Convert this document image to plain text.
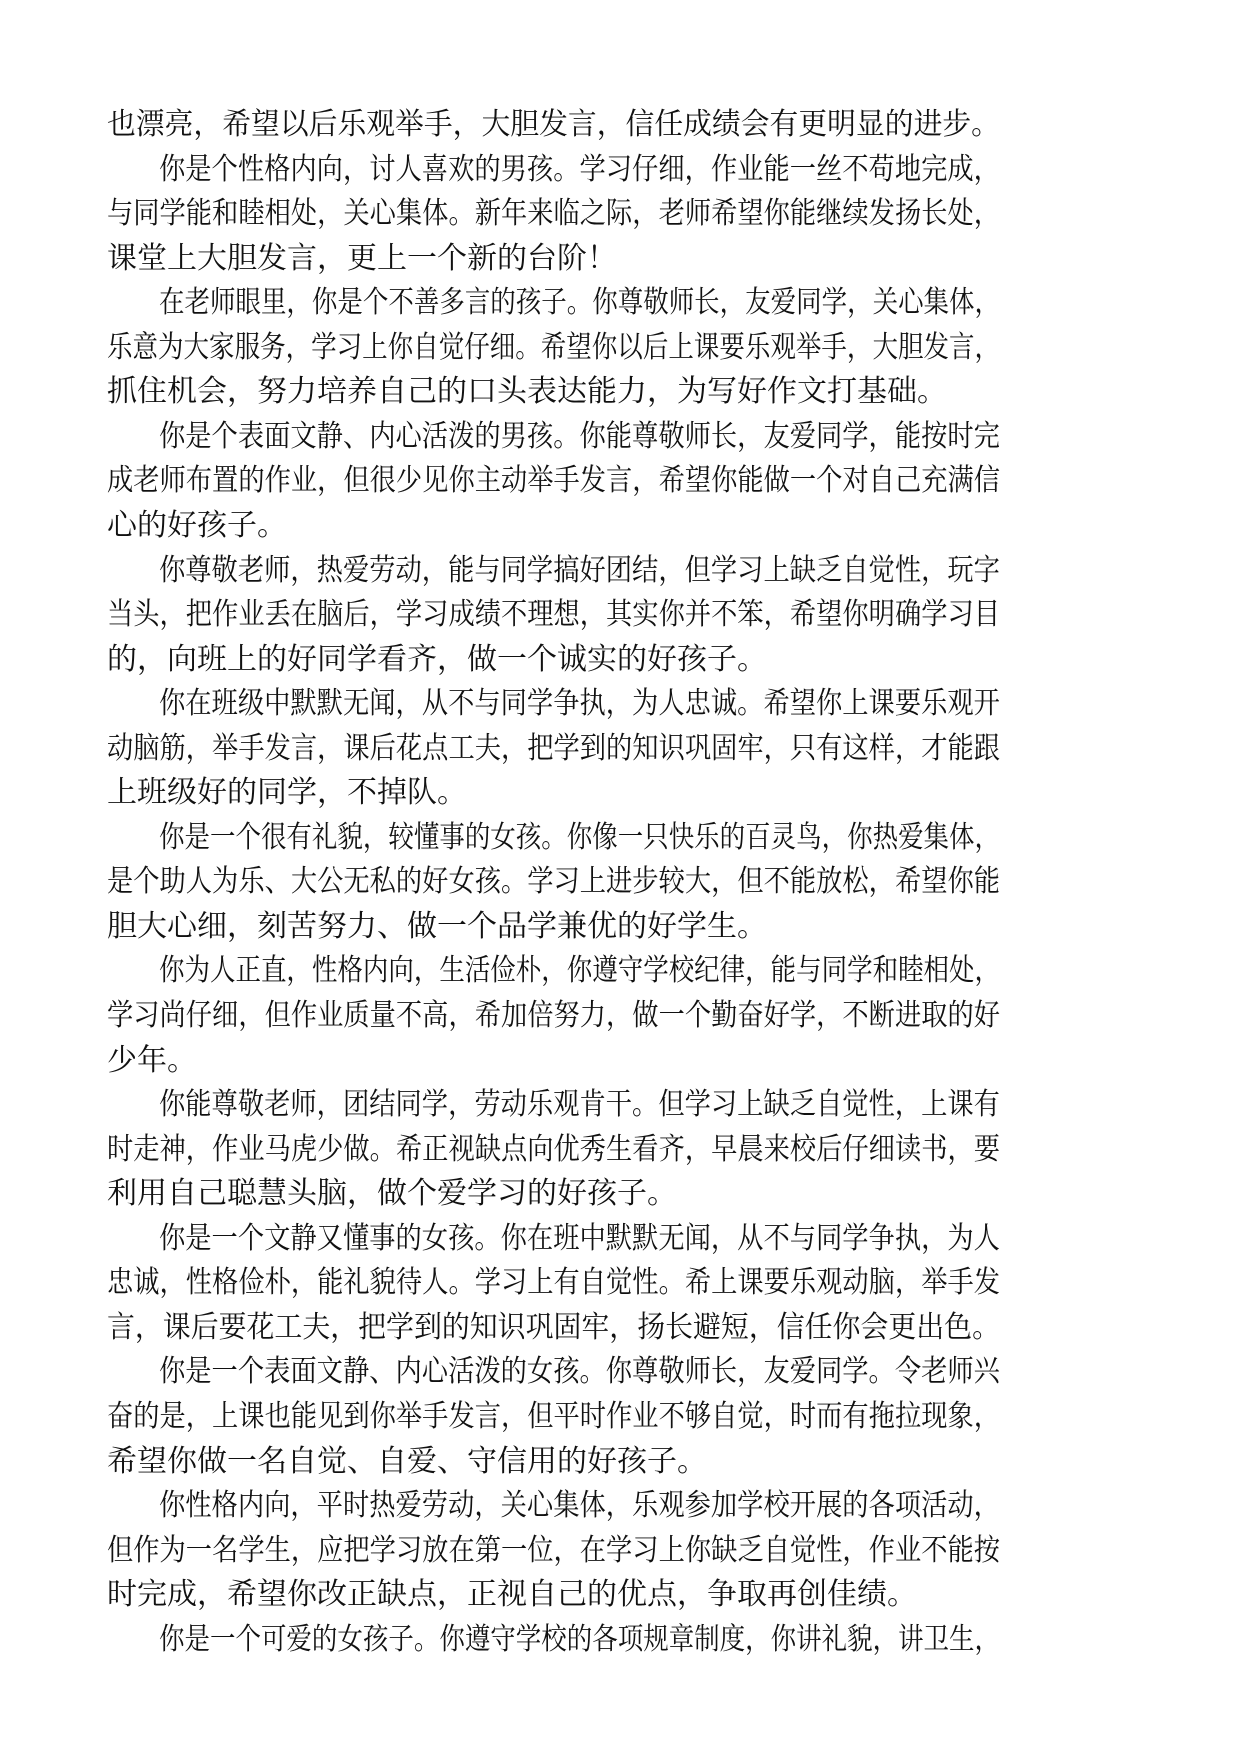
也漂亮，希望以后乐观举手，大胆发言，信任成绩会有更明显的进步。
你是个性格内向，讨人喜欢的男孩。学习仔细，作业能一丝不苟地完成，
与同学能和睦相处，关心集体。新年来临之际，老师希望你能继续发扬长处，
课堂上大胆发言，更上一个新的台阶！
在老师眼里，你是个不善多言的孩子。你尊敬师长，友爱同学，关心集体，
乐意为大家服务，学习上你自觉仔细。希望你以后上课要乐观举手，大胆发言，
抓住机会，努力培养自己的口头表达能力，为写好作文打基础。
你是个表面文静、内心活泼的男孩。你能尊敬师长，友爱同学，能按时完
成老师布置的作业，但很少见你主动举手发言，希望你能做一个对自己充满信
心的好孩子。
你尊敬老师，热爱劳动，能与同学搞好团结，但学习上缺乏自觉性，玩字
当头，把作业丢在脑后，学习成绩不理想，其实你并不笨，希望你明确学习目
的，向班上的好同学看齐，做一个诚实的好孩子。
你在班级中默默无闻，从不与同学争执，为人忠诚。希望你上课要乐观开
动脑筋，举手发言，课后花点工夫，把学到的知识巩固牢，只有这样，才能跟
上班级好的同学，不掉队。
你是一个很有礼貌，较懂事的女孩。你像一只快乐的百灵鸟，你热爱集体，
是个助人为乐、大公无私的好女孩。学习上进步较大，但不能放松，希望你能
胆大心细，刻苦努力、做一个品学兼优的好学生。
你为人正直，性格内向，生活俭朴，你遵守学校纪律，能与同学和睦相处，
学习尚仔细，但作业质量不高，希加倍努力，做一个勤奋好学，不断进取的好
少年。
你能尊敬老师，团结同学，劳动乐观肯干。但学习上缺乏自觉性，上课有
时走神，作业马虎少做。希正视缺点向优秀生看齐，早晨来校后仔细读书，要
利用自己聪慧头脑，做个爱学习的好孩子。
你是一个文静又懂事的女孩。你在班中默默无闻，从不与同学争执，为人
忠诚，性格俭朴，能礼貌待人。学习上有自觉性。希上课要乐观动脑，举手发
言，课后要花工夫，把学到的知识巩固牢，扬长避短，信任你会更出色。
你是一个表面文静、内心活泼的女孩。你尊敬师长，友爱同学。令老师兴
奋的是，上课也能见到你举手发言，但平时作业不够自觉，时而有拖拉现象，
希望你做一名自觉、自爱、守信用的好孩子。
你性格内向，平时热爱劳动，关心集体，乐观参加学校开展的各项活动，
但作为一名学生，应把学习放在第一位，在学习上你缺乏自觉性，作业不能按
时完成，希望你改正缺点，正视自己的优点，争取再创佳绩。
你是一个可爱的女孩子。你遵守学校的各项规章制度，你讲礼貌，讲卫生，
